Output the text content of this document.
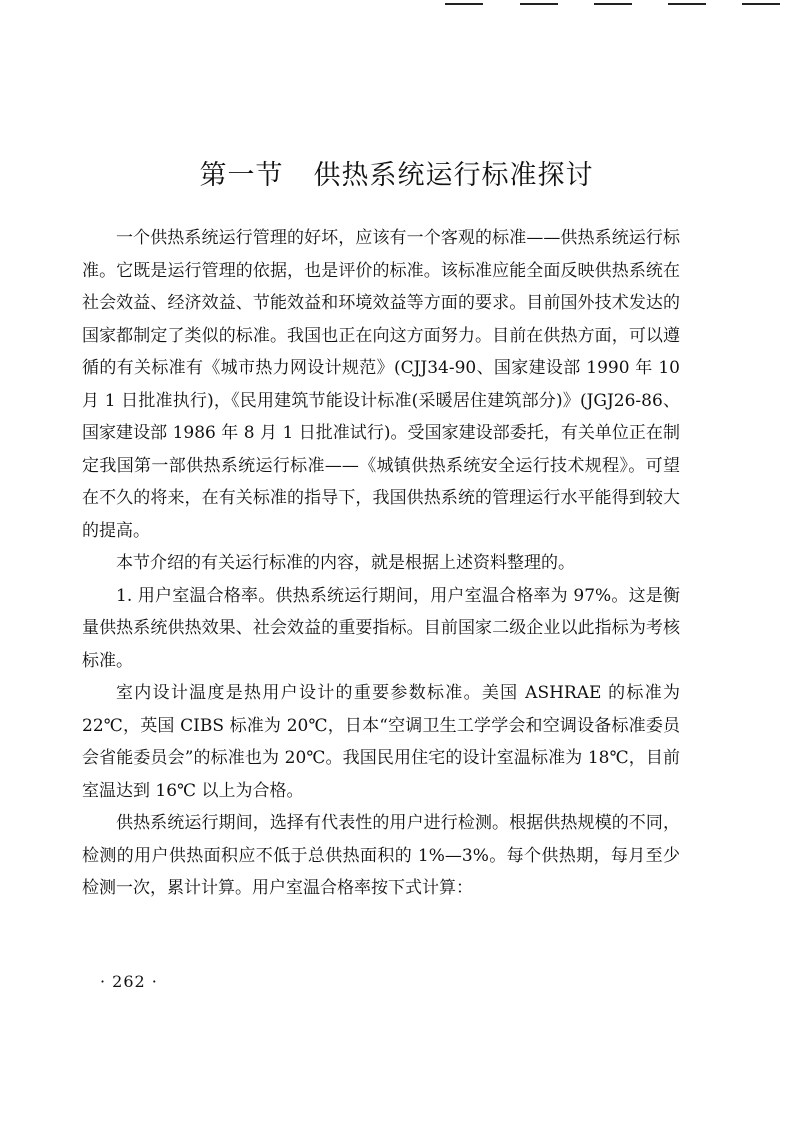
第一节 供热系统运行标准探讨

一个供热系统运行管理的好坏，应该有一个客观的标准——供热系统运行标准。它既是运行管理的依据，也是评价的标准。该标准应能全面反映供热系统在社会效益、经济效益、节能效益和环境效益等方面的要求。目前国外技术发达的国家都制定了类似的标准。我国也正在向这方面努力。目前在供热方面，可以遵循的有关标准有《城市热力网设计规范》(CJJ34-90、国家建设部 1990 年 10 月 1 日批准执行)，《民用建筑节能设计标准(采暖居住建筑部分)》(JGJ26-86、国家建设部 1986 年 8 月 1 日批准试行)。受国家建设部委托，有关单位正在制定我国第一部供热系统运行标准——《城镇供热系统安全运行技术规程》。可望在不久的将来，在有关标准的指导下，我国供热系统的管理运行水平能得到较大的提高。

本节介绍的有关运行标准的内容，就是根据上述资料整理的。

1. 用户室温合格率。供热系统运行期间，用户室温合格率为 97%。这是衡量供热系统供热效果、社会效益的重要指标。目前国家二级企业以此指标为考核标准。

室内设计温度是热用户设计的重要参数标准。美国 ASHRAE 的标准为 22℃，英国 CIBS 标准为 20℃，日本“空调卫生工学学会和空调设备标准委员会省能委员会”的标准也为 20℃。我国民用住宅的设计室温标准为 18℃，目前室温达到 16℃ 以上为合格。

供热系统运行期间，选择有代表性的用户进行检测。根据供热规模的不同，检测的用户供热面积应不低于总供热面积的 1%—3%。每个供热期，每月至少检测一次，累计计算。用户室温合格率按下式计算：

· 262 ·
